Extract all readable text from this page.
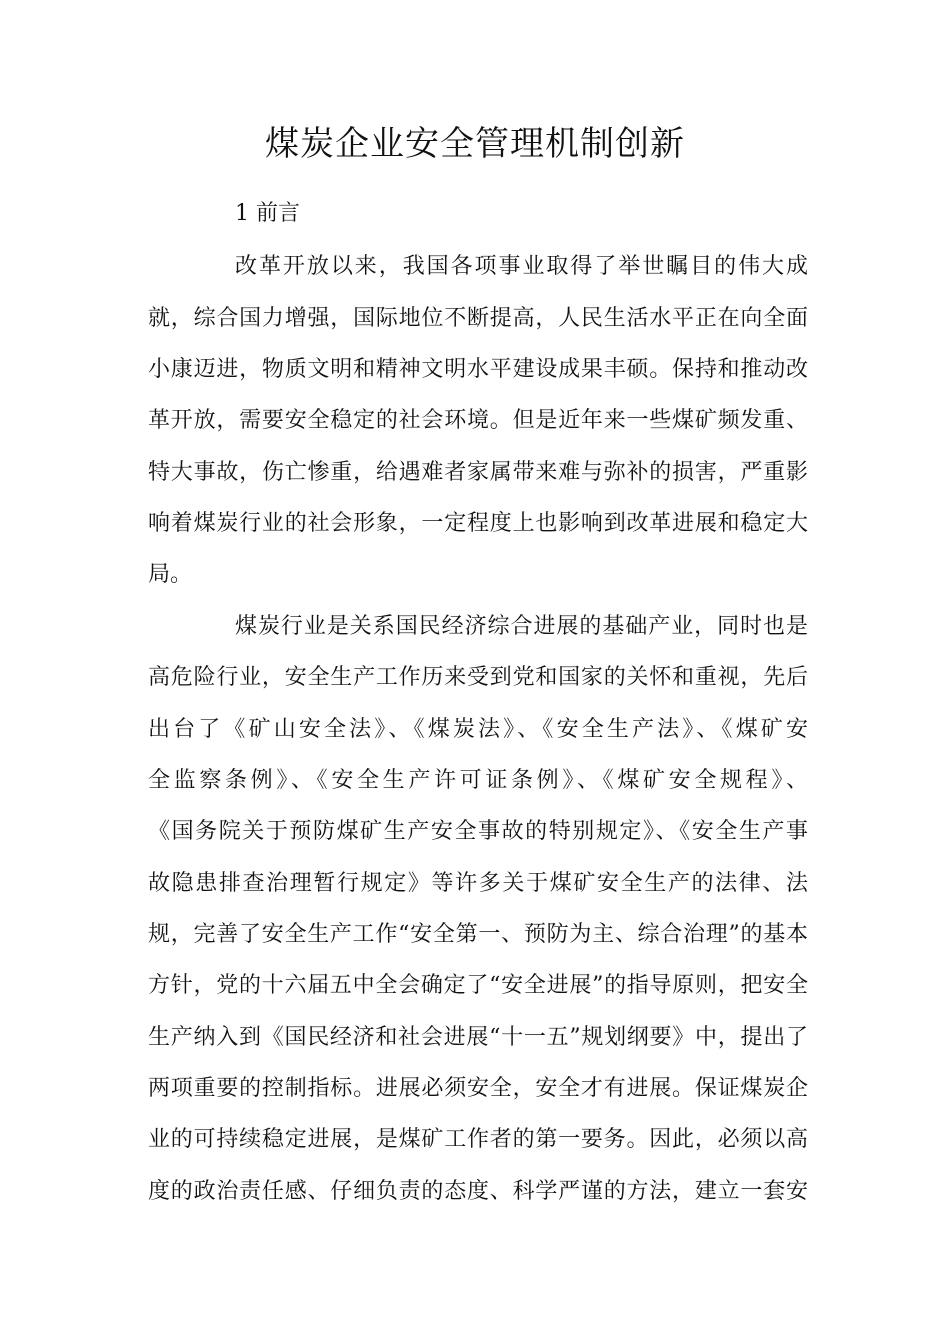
煤炭企业安全管理机制创新
1 前言
改革开放以来，我国各项事业取得了举世瞩目的伟大成
就，综合国力增强，国际地位不断提高，人民生活水平正在向全面
小康迈进，物质文明和精神文明水平建设成果丰硕。保持和推动改
革开放，需要安全稳定的社会环境。但是近年来一些煤矿频发重、
特大事故，伤亡惨重，给遇难者家属带来难与弥补的损害，严重影
响着煤炭行业的社会形象，一定程度上也影响到改革进展和稳定大
局。
煤炭行业是关系国民经济综合进展的基础产业，同时也是
高危险行业，安全生产工作历来受到党和国家的关怀和重视，先后
出台了《矿山安全法》、《煤炭法》、《安全生产法》、《煤矿安
全监察条例》、《安全生产许可证条例》、《煤矿安全规程》、
《国务院关于预防煤矿生产安全事故的特别规定》、《安全生产事
故隐患排查治理暂行规定》等许多关于煤矿安全生产的法律、法
规，完善了安全生产工作“安全第一、预防为主、综合治理”的基本
方针，党的十六届五中全会确定了“安全进展”的指导原则，把安全
生产纳入到《国民经济和社会进展“十一五”规划纲要》中，提出了
两项重要的控制指标。进展必须安全，安全才有进展。保证煤炭企
业的可持续稳定进展，是煤矿工作者的第一要务。因此，必须以高
度的政治责任感、仔细负责的态度、科学严谨的方法，建立一套安
